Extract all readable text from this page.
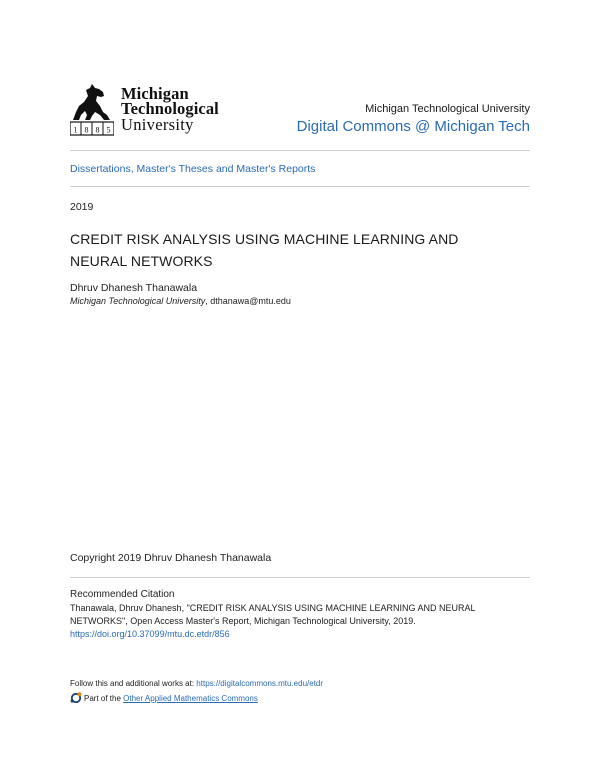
1 8 8 5
Michigan
Technological
University
Michigan Technological University
Digital Commons @ Michigan Tech
Dissertations, Master's Theses and Master's Reports
2019
CREDIT RISK ANALYSIS USING MACHINE LEARNING AND NEURAL NETWORKS
Dhruv Dhanesh Thanawala
Michigan Technological University, dthanawa@mtu.edu
Copyright 2019 Dhruv Dhanesh Thanawala
Recommended Citation
Thanawala, Dhruv Dhanesh, "CREDIT RISK ANALYSIS USING MACHINE LEARNING AND NEURAL NETWORKS", Open Access Master's Report, Michigan Technological University, 2019.
https://doi.org/10.37099/mtu.dc.etdr/856
Follow this and additional works at: https://digitalcommons.mtu.edu/etdr
Part of the Other Applied Mathematics Commons
